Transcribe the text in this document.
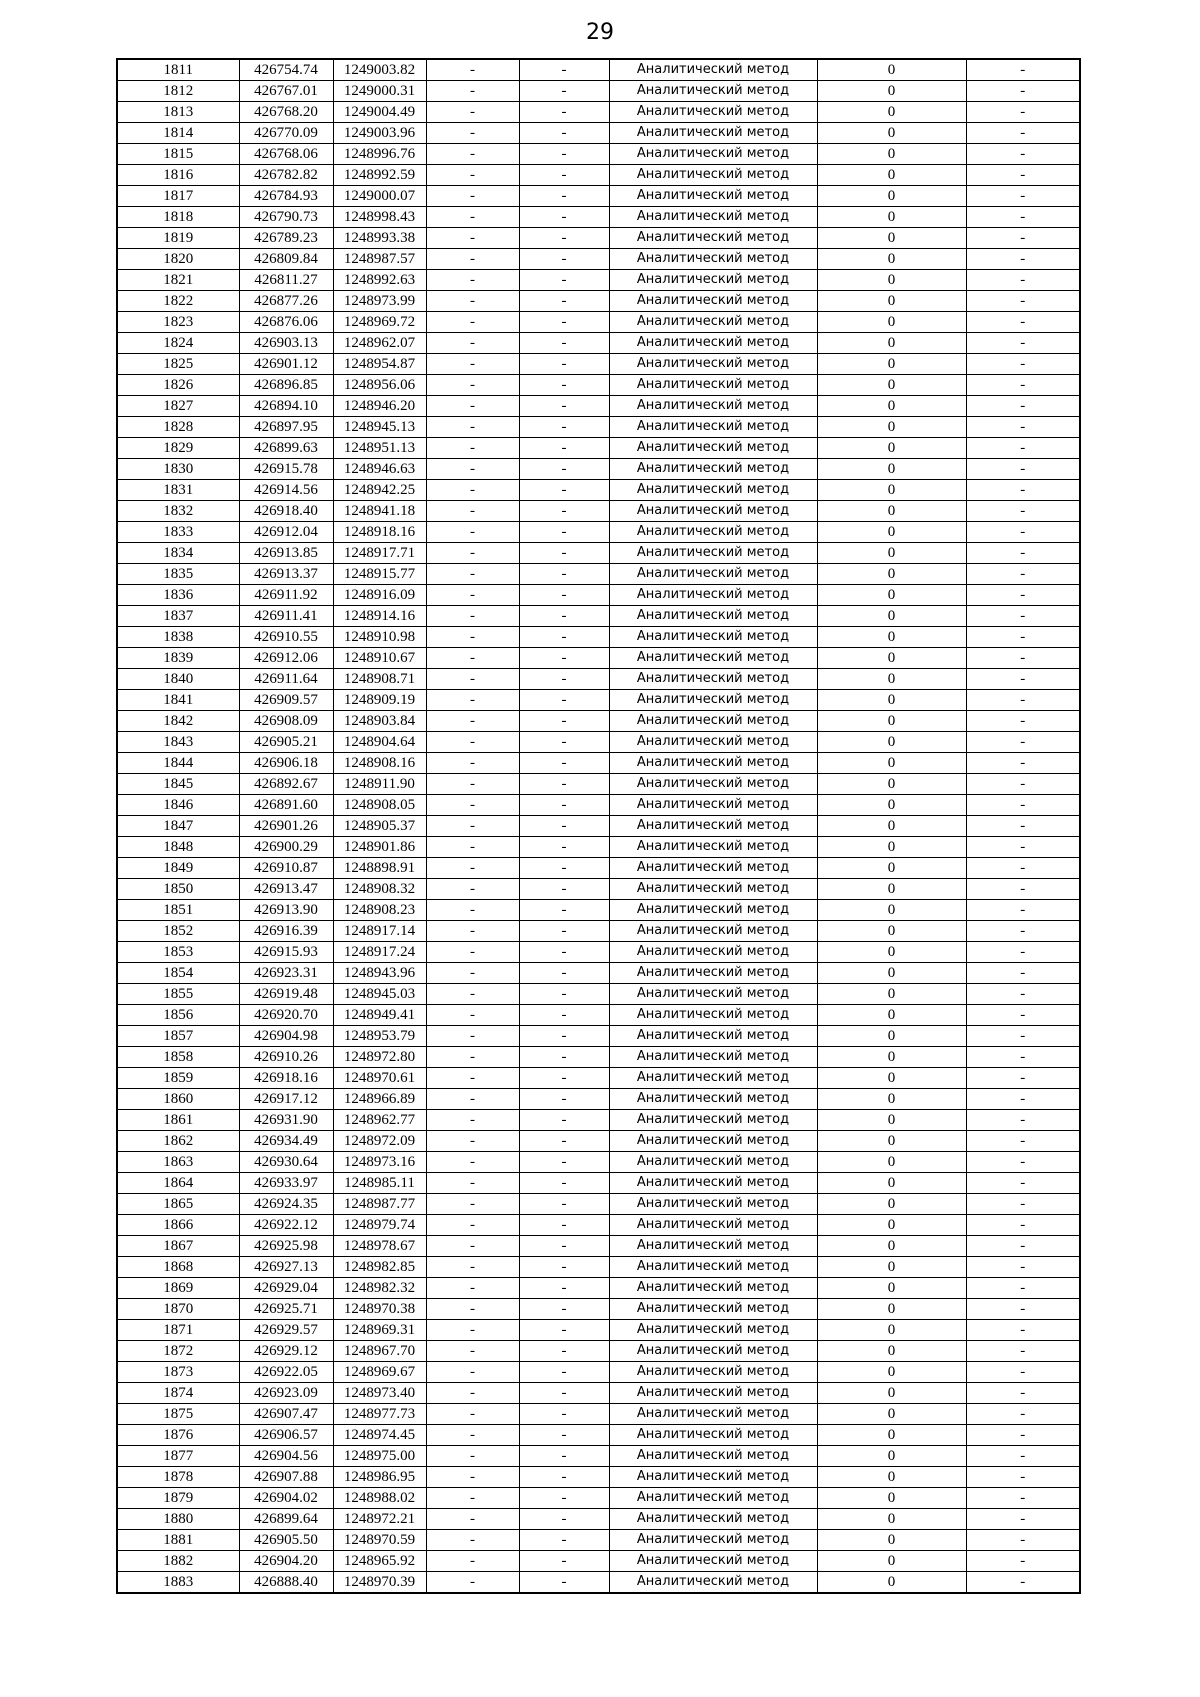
29
1811	426754.74	1249003.82	-	-	Аналитический метод	0	-
1812	426767.01	1249000.31	-	-	Аналитический метод	0	-
1813	426768.20	1249004.49	-	-	Аналитический метод	0	-
1814	426770.09	1249003.96	-	-	Аналитический метод	0	-
1815	426768.06	1248996.76	-	-	Аналитический метод	0	-
1816	426782.82	1248992.59	-	-	Аналитический метод	0	-
1817	426784.93	1249000.07	-	-	Аналитический метод	0	-
1818	426790.73	1248998.43	-	-	Аналитический метод	0	-
1819	426789.23	1248993.38	-	-	Аналитический метод	0	-
1820	426809.84	1248987.57	-	-	Аналитический метод	0	-
1821	426811.27	1248992.63	-	-	Аналитический метод	0	-
1822	426877.26	1248973.99	-	-	Аналитический метод	0	-
1823	426876.06	1248969.72	-	-	Аналитический метод	0	-
1824	426903.13	1248962.07	-	-	Аналитический метод	0	-
1825	426901.12	1248954.87	-	-	Аналитический метод	0	-
1826	426896.85	1248956.06	-	-	Аналитический метод	0	-
1827	426894.10	1248946.20	-	-	Аналитический метод	0	-
1828	426897.95	1248945.13	-	-	Аналитический метод	0	-
1829	426899.63	1248951.13	-	-	Аналитический метод	0	-
1830	426915.78	1248946.63	-	-	Аналитический метод	0	-
1831	426914.56	1248942.25	-	-	Аналитический метод	0	-
1832	426918.40	1248941.18	-	-	Аналитический метод	0	-
1833	426912.04	1248918.16	-	-	Аналитический метод	0	-
1834	426913.85	1248917.71	-	-	Аналитический метод	0	-
1835	426913.37	1248915.77	-	-	Аналитический метод	0	-
1836	426911.92	1248916.09	-	-	Аналитический метод	0	-
1837	426911.41	1248914.16	-	-	Аналитический метод	0	-
1838	426910.55	1248910.98	-	-	Аналитический метод	0	-
1839	426912.06	1248910.67	-	-	Аналитический метод	0	-
1840	426911.64	1248908.71	-	-	Аналитический метод	0	-
1841	426909.57	1248909.19	-	-	Аналитический метод	0	-
1842	426908.09	1248903.84	-	-	Аналитический метод	0	-
1843	426905.21	1248904.64	-	-	Аналитический метод	0	-
1844	426906.18	1248908.16	-	-	Аналитический метод	0	-
1845	426892.67	1248911.90	-	-	Аналитический метод	0	-
1846	426891.60	1248908.05	-	-	Аналитический метод	0	-
1847	426901.26	1248905.37	-	-	Аналитический метод	0	-
1848	426900.29	1248901.86	-	-	Аналитический метод	0	-
1849	426910.87	1248898.91	-	-	Аналитический метод	0	-
1850	426913.47	1248908.32	-	-	Аналитический метод	0	-
1851	426913.90	1248908.23	-	-	Аналитический метод	0	-
1852	426916.39	1248917.14	-	-	Аналитический метод	0	-
1853	426915.93	1248917.24	-	-	Аналитический метод	0	-
1854	426923.31	1248943.96	-	-	Аналитический метод	0	-
1855	426919.48	1248945.03	-	-	Аналитический метод	0	-
1856	426920.70	1248949.41	-	-	Аналитический метод	0	-
1857	426904.98	1248953.79	-	-	Аналитический метод	0	-
1858	426910.26	1248972.80	-	-	Аналитический метод	0	-
1859	426918.16	1248970.61	-	-	Аналитический метод	0	-
1860	426917.12	1248966.89	-	-	Аналитический метод	0	-
1861	426931.90	1248962.77	-	-	Аналитический метод	0	-
1862	426934.49	1248972.09	-	-	Аналитический метод	0	-
1863	426930.64	1248973.16	-	-	Аналитический метод	0	-
1864	426933.97	1248985.11	-	-	Аналитический метод	0	-
1865	426924.35	1248987.77	-	-	Аналитический метод	0	-
1866	426922.12	1248979.74	-	-	Аналитический метод	0	-
1867	426925.98	1248978.67	-	-	Аналитический метод	0	-
1868	426927.13	1248982.85	-	-	Аналитический метод	0	-
1869	426929.04	1248982.32	-	-	Аналитический метод	0	-
1870	426925.71	1248970.38	-	-	Аналитический метод	0	-
1871	426929.57	1248969.31	-	-	Аналитический метод	0	-
1872	426929.12	1248967.70	-	-	Аналитический метод	0	-
1873	426922.05	1248969.67	-	-	Аналитический метод	0	-
1874	426923.09	1248973.40	-	-	Аналитический метод	0	-
1875	426907.47	1248977.73	-	-	Аналитический метод	0	-
1876	426906.57	1248974.45	-	-	Аналитический метод	0	-
1877	426904.56	1248975.00	-	-	Аналитический метод	0	-
1878	426907.88	1248986.95	-	-	Аналитический метод	0	-
1879	426904.02	1248988.02	-	-	Аналитический метод	0	-
1880	426899.64	1248972.21	-	-	Аналитический метод	0	-
1881	426905.50	1248970.59	-	-	Аналитический метод	0	-
1882	426904.20	1248965.92	-	-	Аналитический метод	0	-
1883	426888.40	1248970.39	-	-	Аналитический метод	0	-
